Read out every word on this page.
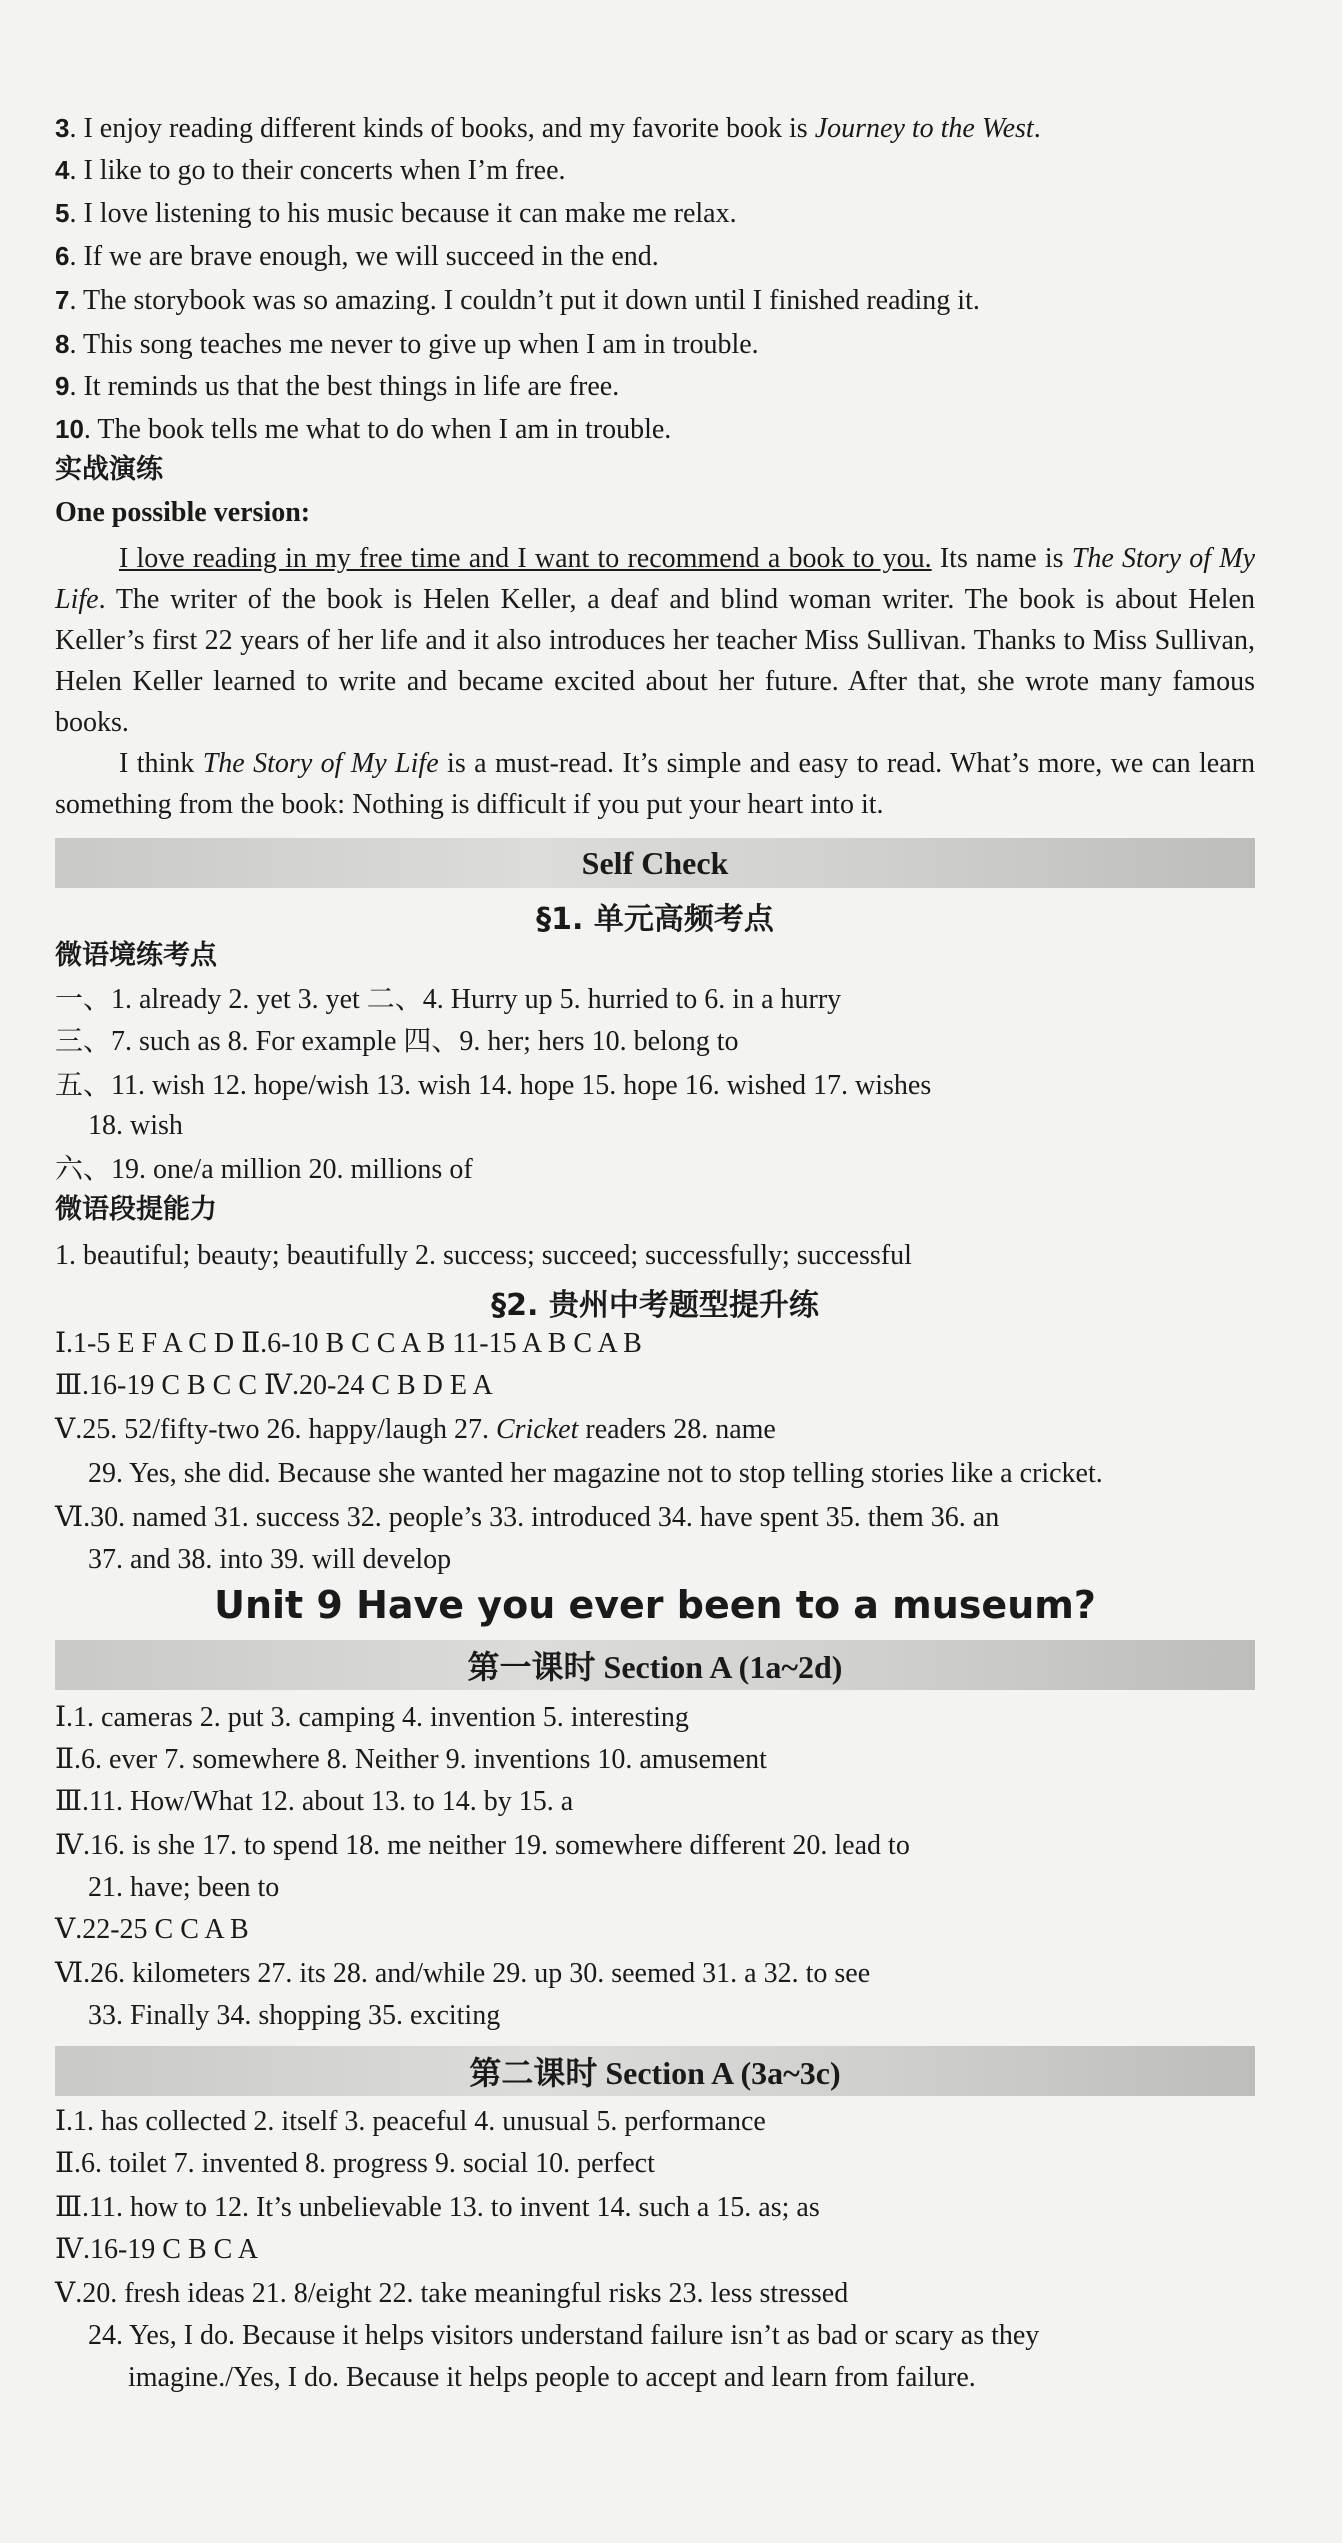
3. I enjoy reading different kinds of books, and my favorite book is Journey to the West.
4. I like to go to their concerts when I’m free.
5. I love listening to his music because it can make me relax.
6. If we are brave enough, we will succeed in the end.
7. The storybook was so amazing. I couldn’t put it down until I finished reading it.
8. This song teaches me never to give up when I am in trouble.
9. It reminds us that the best things in life are free.
10. The book tells me what to do when I am in trouble.
实战演练
One possible version:

I love reading in my free time and I want to recommend a book to you. Its name is The Story of My Life. The writer of the book is Helen Keller, a deaf and blind woman writer. The book is about Helen Keller’s first 22 years of her life and it also introduces her teacher Miss Sullivan. Thanks to Miss Sullivan, Helen Keller learned to write and became excited about her future. After that, she wrote many famous books.

I think The Story of My Life is a must-read. It’s simple and easy to read. What’s more, we can learn something from the book: Nothing is difficult if you put your heart into it.

Self Check
§1. 单元高频考点
微语境练考点
一、1. already 2. yet 3. yet 二、4. Hurry up 5. hurried to 6. in a hurry
三、7. such as 8. For example 四、9. her; hers 10. belong to
五、11. wish 12. hope/wish 13. wish 14. hope 15. hope 16. wished 17. wishes
18. wish
六、19. one/a million 20. millions of
微语段提能力
1. beautiful; beauty; beautifully 2. success; succeed; successfully; successful
§2. 贵州中考题型提升练
Ⅰ.1-5 E F A C D Ⅱ.6-10 B C C A B 11-15 A B C A B
Ⅲ.16-19 C B C C Ⅳ.20-24 C B D E A
Ⅴ.25. 52/fifty-two 26. happy/laugh 27. Cricket readers 28. name
29. Yes, she did. Because she wanted her magazine not to stop telling stories like a cricket.
Ⅵ.30. named 31. success 32. people’s 33. introduced 34. have spent 35. them 36. an
37. and 38. into 39. will develop
Unit 9 Have you ever been to a museum?
第一课时 Section A (1a~2d)
Ⅰ.1. cameras 2. put 3. camping 4. invention 5. interesting
Ⅱ.6. ever 7. somewhere 8. Neither 9. inventions 10. amusement
Ⅲ.11. How/What 12. about 13. to 14. by 15. a
Ⅳ.16. is she 17. to spend 18. me neither 19. somewhere different 20. lead to
21. have; been to
Ⅴ.22-25 C C A B
Ⅵ.26. kilometers 27. its 28. and/while 29. up 30. seemed 31. a 32. to see
33. Finally 34. shopping 35. exciting
第二课时 Section A (3a~3c)
Ⅰ.1. has collected 2. itself 3. peaceful 4. unusual 5. performance
Ⅱ.6. toilet 7. invented 8. progress 9. social 10. perfect
Ⅲ.11. how to 12. It’s unbelievable 13. to invent 14. such a 15. as; as
Ⅳ.16-19 C B C A
Ⅴ.20. fresh ideas 21. 8/eight 22. take meaningful risks 23. less stressed
24. Yes, I do. Because it helps visitors understand failure isn’t as bad or scary as they
imagine./Yes, I do. Because it helps people to accept and learn from failure.
